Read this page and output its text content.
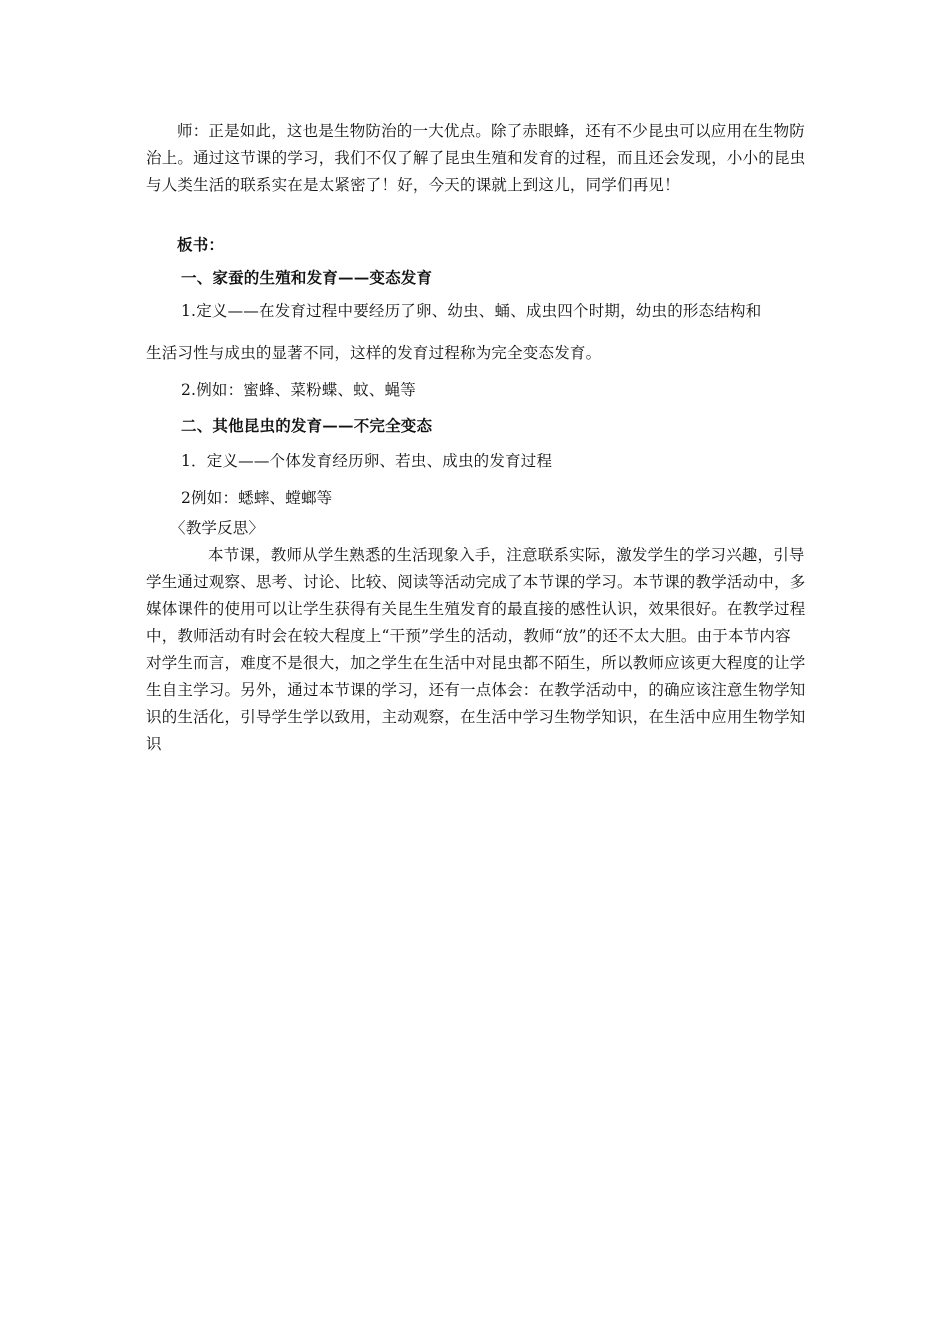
师：正是如此，这也是生物防治的一大优点。除了赤眼蜂，还有不少昆虫可以应用在生物防治上。通过这节课的学习，我们不仅了解了昆虫生殖和发育的过程，而且还会发现，小小的昆虫与人类生活的联系实在是太紧密了！好，今天的课就上到这儿，同学们再见！
板书：
一、家蚕的生殖和发育——变态发育
1.定义——在发育过程中要经历了卵、幼虫、蛹、成虫四个时期，幼虫的形态结构和
生活习性与成虫的显著不同，这样的发育过程称为完全变态发育。
2.例如：蜜蜂、菜粉蝶、蚊、蝇等
二、其他昆虫的发育——不完全变态
1．定义——个体发育经历卵、若虫、成虫的发育过程
2例如：蟋蟀、螳螂等
〈教学反思〉
本节课，教师从学生熟悉的生活现象入手，注意联系实际，激发学生的学习兴趣，引导学生通过观察、思考、讨论、比较、阅读等活动完成了本节课的学习。本节课的教学活动中，多媒体课件的使用可以让学生获得有关昆生生殖发育的最直接的感性认识，效果很好。在教学过程中，教师活动有时会在较大程度上“干预”学生的活动，教师“放”的还不太大胆。由于本节内容对学生而言，难度不是很大，加之学生在生活中对昆虫都不陌生，所以教师应该更大程度的让学生自主学习。另外，通过本节课的学习，还有一点体会：在教学活动中，的确应该注意生物学知识的生活化，引导学生学以致用，主动观察，在生活中学习生物学知识，在生活中应用生物学知识
